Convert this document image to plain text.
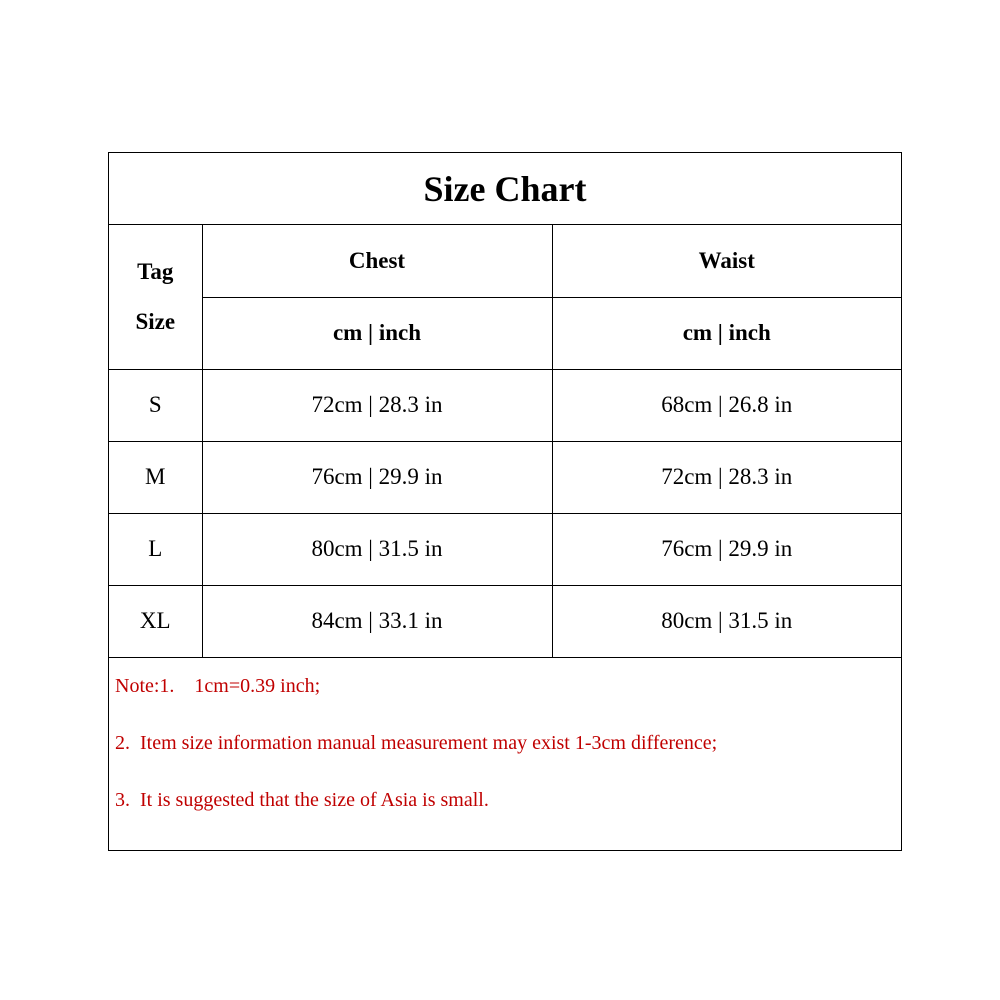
Size Chart
Tag
Size	Chest	Waist
	cm | inch	cm | inch
S	72cm | 28.3 in	68cm | 26.8 in
M	76cm | 29.9 in	72cm | 28.3 in
L	80cm | 31.5 in	76cm | 29.9 in
XL	84cm | 33.1 in	80cm | 31.5 in
Note:1.    1cm=0.39 inch;
2.  Item size information manual measurement may exist 1-3cm difference;
3.  It is suggested that the size of Asia is small.
